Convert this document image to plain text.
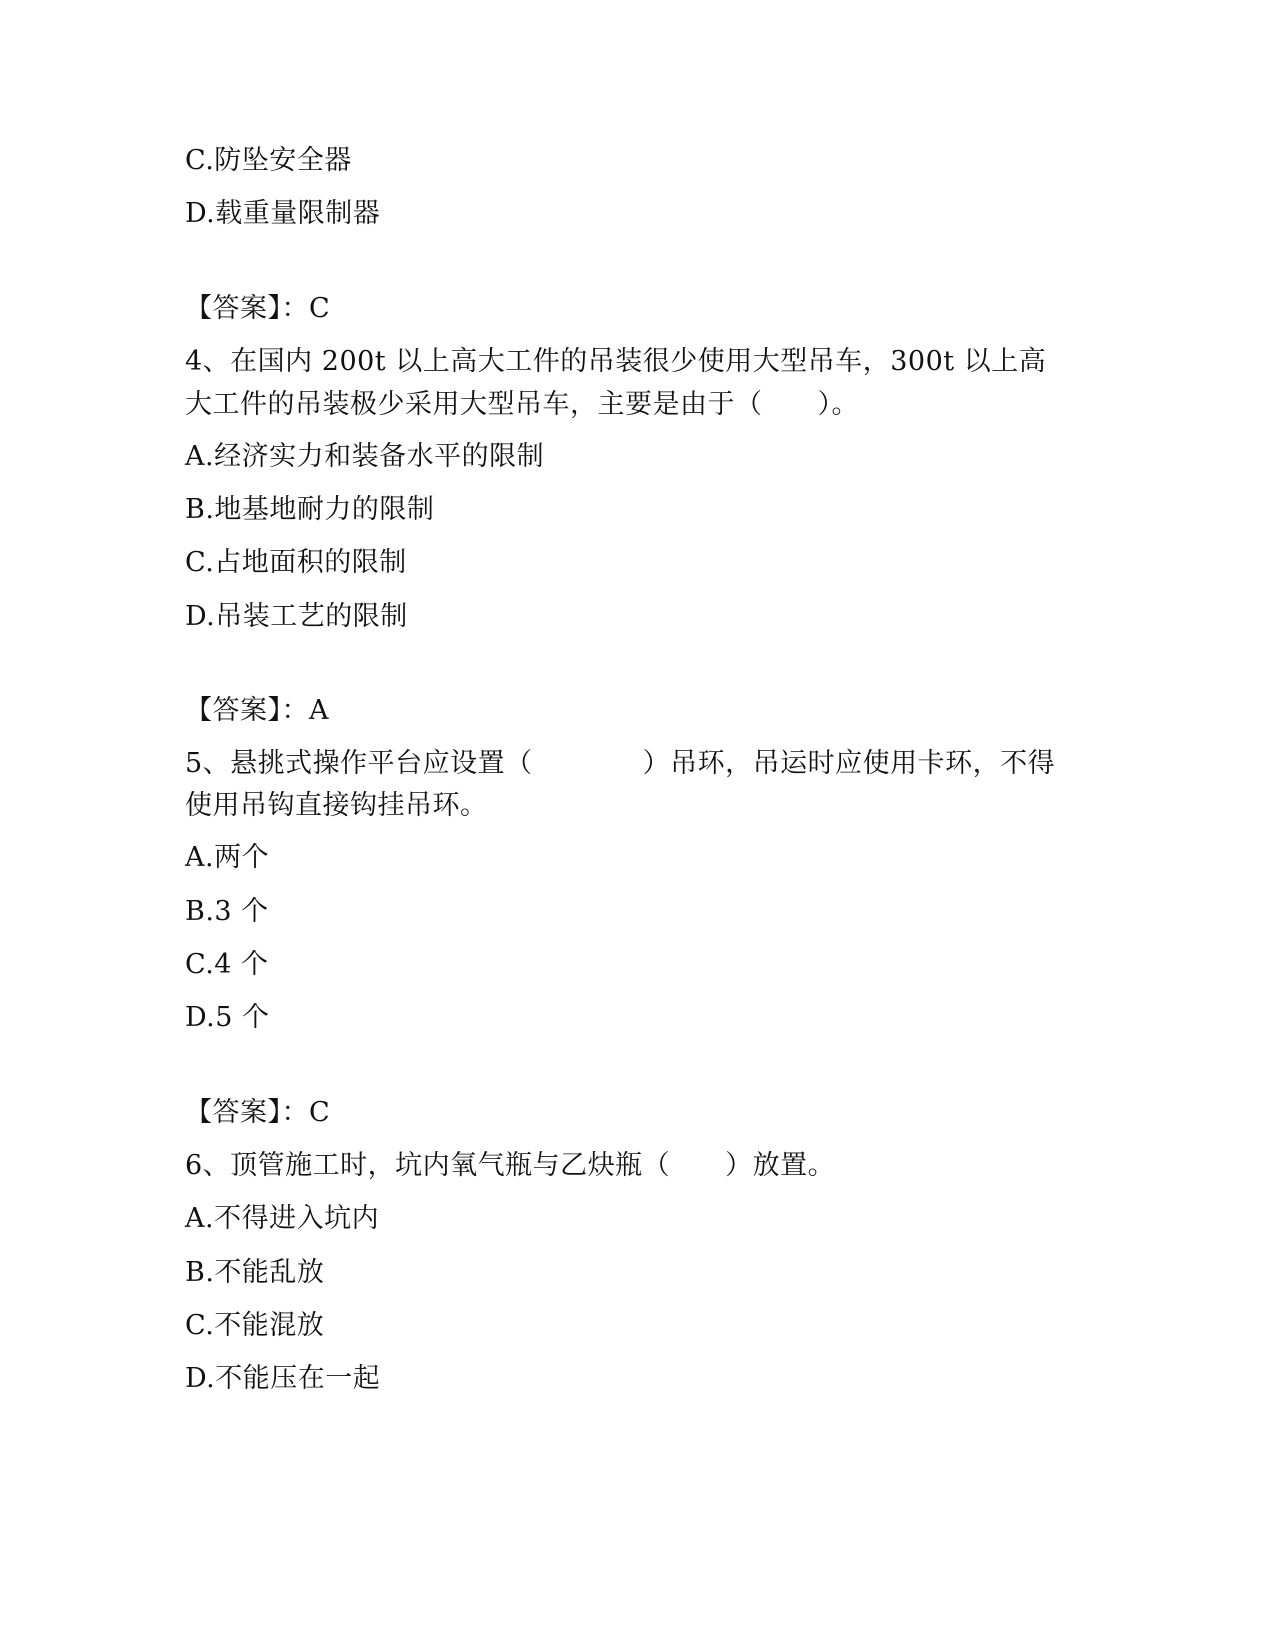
C.防坠安全器
D.载重量限制器
【答案】：C
4、在国内 200t 以上高大工件的吊装很少使用大型吊车，300t 以上高
大工件的吊装极少采用大型吊车，主要是由于（　　）。
A.经济实力和装备水平的限制
B.地基地耐力的限制
C.占地面积的限制
D.吊装工艺的限制
【答案】：A
5、悬挑式操作平台应设置（　　　　）吊环，吊运时应使用卡环，不得
使用吊钩直接钩挂吊环。
A.两个
B.3 个
C.4 个
D.5 个
【答案】：C
6、顶管施工时，坑内氧气瓶与乙炔瓶（　　）放置。
A.不得进入坑内
B.不能乱放
C.不能混放
D.不能压在一起
